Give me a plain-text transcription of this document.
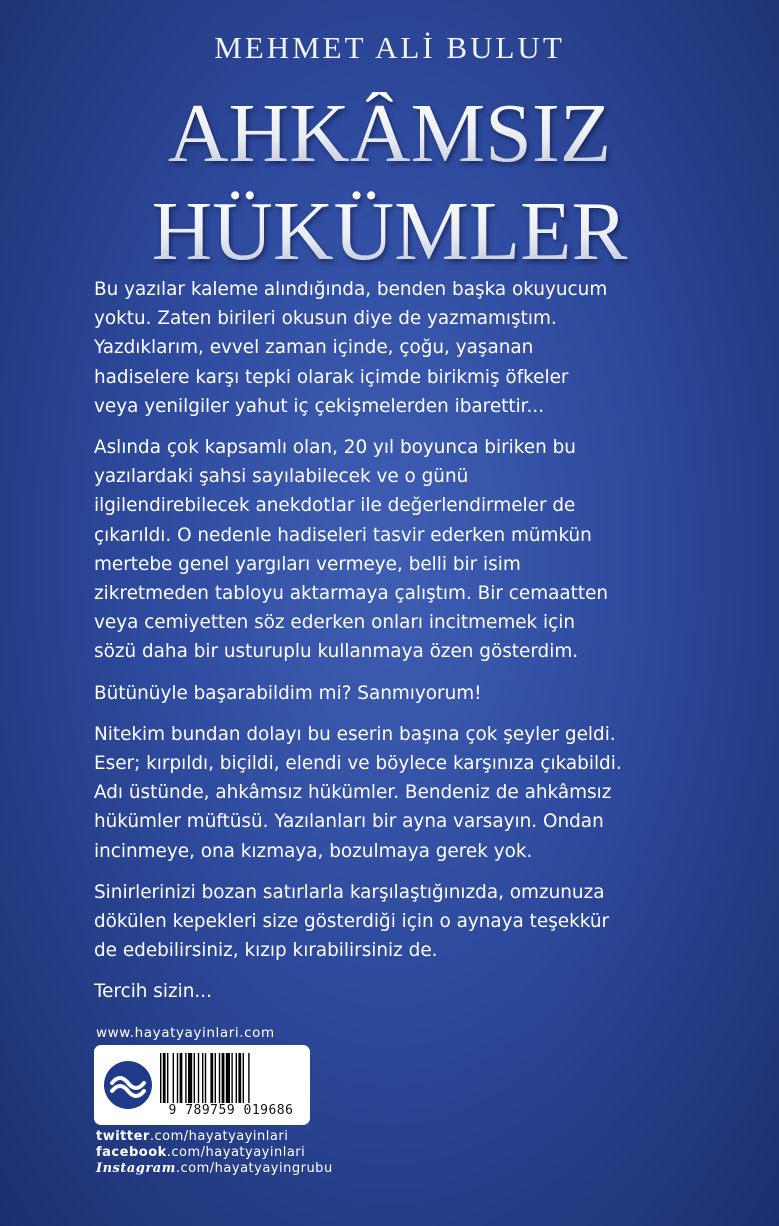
MEHMET ALİ BULUT
AHKÂMSIZ
HÜKÜMLER

Bu yazılar kaleme alındığında, benden başka okuyucum
yoktu. Zaten birileri okusun diye de yazmamıştım.
Yazdıklarım, evvel zaman içinde, çoğu, yaşanan
hadiselere karşı tepki olarak içimde birikmiş öfkeler
veya yenilgiler yahut iç çekişmelerden ibarettir...

Aslında çok kapsamlı olan, 20 yıl boyunca biriken bu
yazılardaki şahsi sayılabilecek ve o günü
ilgilendirebilecek anekdotlar ile değerlendirmeler de
çıkarıldı. O nedenle hadiseleri tasvir ederken mümkün
mertebe genel yargıları vermeye, belli bir isim
zikretmeden tabloyu aktarmaya çalıştım. Bir cemaatten
veya cemiyetten söz ederken onları incitmemek için
sözü daha bir usturuplu kullanmaya özen gösterdim.

Bütünüyle başarabildim mi? Sanmıyorum!

Nitekim bundan dolayı bu eserin başına çok şeyler geldi.
Eser; kırpıldı, biçildi, elendi ve böylece karşınıza çıkabildi.
Adı üstünde, ahkâmsız hükümler. Bendeniz de ahkâmsız
hükümler müftüsü. Yazılanları bir ayna varsayın. Ondan
incinmeye, ona kızmaya, bozulmaya gerek yok.

Sinirlerinizi bozan satırlarla karşılaştığınızda, omzunuza
dökülen kepekleri size gösterdiği için o aynaya teşekkür
de edebilirsiniz, kızıp kırabilirsiniz de.

Tercih sizin...

www.hayatyayinlari.com
9 789759 019686
twitter.com/hayatyayinlari
facebook.com/hayatyayinlari
Instagram.com/hayatyayingrubu
